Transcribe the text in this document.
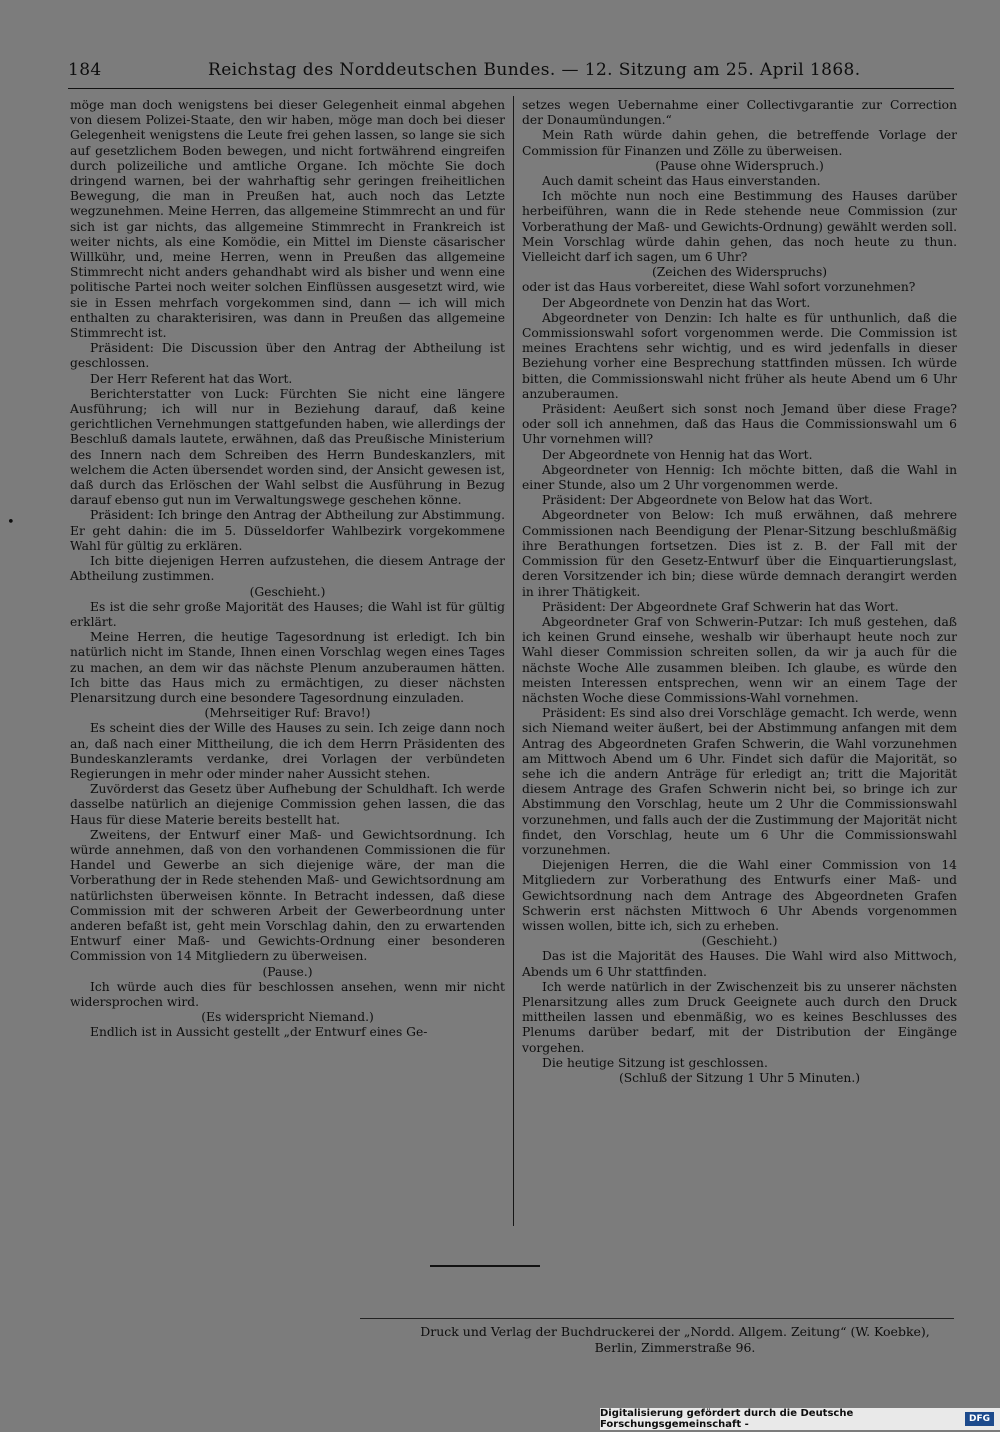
184	Reichstag des Norddeutschen Bundes. — 12. Sitzung am 25. April 1868.

möge man doch wenigstens bei dieser Gelegenheit einmal abgehen von diesem Polizei-Staate, den wir haben, möge man doch bei dieser Gelegenheit wenigstens die Leute frei gehen lassen, so lange sie sich auf gesetzlichem Boden bewegen, und nicht fortwährend eingreifen durch polizeiliche und amtliche Organe. Ich möchte Sie doch dringend warnen, bei der wahrhaftig sehr geringen freiheitlichen Bewegung, die man in Preußen hat, auch noch das Letzte wegzunehmen. Meine Herren, das allgemeine Stimmrecht an und für sich ist gar nichts, das allgemeine Stimmrecht in Frankreich ist weiter nichts, als eine Komödie, ein Mittel im Dienste cäsarischer Willkühr, und, meine Herren, wenn in Preußen das allgemeine Stimmrecht nicht anders gehandhabt wird als bisher und wenn eine politische Partei noch weiter solchen Einflüssen ausgesetzt wird, wie sie in Essen mehrfach vorgekommen sind, dann — ich will mich enthalten zu charakterisiren, was dann in Preußen das allgemeine Stimmrecht ist.

Präsident: Die Discussion über den Antrag der Abtheilung ist geschlossen.

Der Herr Referent hat das Wort.

Berichterstatter von Luck: Fürchten Sie nicht eine längere Ausführung; ich will nur in Beziehung darauf, daß keine gerichtlichen Vernehmungen stattgefunden haben, wie allerdings der Beschluß damals lautete, erwähnen, daß das Preußische Ministerium des Innern nach dem Schreiben des Herrn Bundeskanzlers, mit welchem die Acten übersendet worden sind, der Ansicht gewesen ist, daß durch das Erlöschen der Wahl selbst die Ausführung in Bezug darauf ebenso gut nun im Verwaltungswege geschehen könne.

Präsident: Ich bringe den Antrag der Abtheilung zur Abstimmung. Er geht dahin: die im 5. Düsseldorfer Wahlbezirk vorgekommene Wahl für gültig zu erklären.

Ich bitte diejenigen Herren aufzustehen, die diesem Antrage der Abtheilung zustimmen.

(Geschieht.)

Es ist die sehr große Majorität des Hauses; die Wahl ist für gültig erklärt.

Meine Herren, die heutige Tagesordnung ist erledigt. Ich bin natürlich nicht im Stande, Ihnen einen Vorschlag wegen eines Tages zu machen, an dem wir das nächste Plenum anzuberaumen hätten. Ich bitte das Haus mich zu ermächtigen, zu dieser nächsten Plenarsitzung durch eine besondere Tagesordnung einzuladen.

(Mehrseitiger Ruf: Bravo!)

Es scheint dies der Wille des Hauses zu sein. Ich zeige dann noch an, daß nach einer Mittheilung, die ich dem Herrn Präsidenten des Bundeskanzleramts verdanke, drei Vorlagen der verbündeten Regierungen in mehr oder minder naher Aussicht stehen.

Zuvörderst das Gesetz über Aufhebung der Schuldhaft. Ich werde dasselbe natürlich an diejenige Commission gehen lassen, die das Haus für diese Materie bereits bestellt hat.

Zweitens, der Entwurf einer Maß- und Gewichtsordnung. Ich würde annehmen, daß von den vorhandenen Commissionen die für Handel und Gewerbe an sich diejenige wäre, der man die Vorberathung der in Rede stehenden Maß- und Gewichtsordnung am natürlichsten überweisen könnte. In Betracht indessen, daß diese Commission mit der schweren Arbeit der Gewerbeordnung unter anderen befaßt ist, geht mein Vorschlag dahin, den zu erwartenden Entwurf einer Maß- und Gewichts-Ordnung einer besonderen Commission von 14 Mitgliedern zu überweisen.

(Pause.)

Ich würde auch dies für beschlossen ansehen, wenn mir nicht widersprochen wird.

(Es widerspricht Niemand.)

Endlich ist in Aussicht gestellt „der Entwurf eines Ge-

setzes wegen Uebernahme einer Collectivgarantie zur Correction der Donaumündungen.“

Mein Rath würde dahin gehen, die betreffende Vorlage der Commission für Finanzen und Zölle zu überweisen.

(Pause ohne Widerspruch.)

Auch damit scheint das Haus einverstanden.

Ich möchte nun noch eine Bestimmung des Hauses darüber herbeiführen, wann die in Rede stehende neue Commission (zur Vorberathung der Maß- und Gewichts-Ordnung) gewählt werden soll. Mein Vorschlag würde dahin gehen, das noch heute zu thun. Vielleicht darf ich sagen, um 6 Uhr?

(Zeichen des Widerspruchs)

oder ist das Haus vorbereitet, diese Wahl sofort vorzunehmen?

Der Abgeordnete von Denzin hat das Wort.

Abgeordneter von Denzin: Ich halte es für unthunlich, daß die Commissionswahl sofort vorgenommen werde. Die Commission ist meines Erachtens sehr wichtig, und es wird jedenfalls in dieser Beziehung vorher eine Besprechung stattfinden müssen. Ich würde bitten, die Commissionswahl nicht früher als heute Abend um 6 Uhr anzuberaumen.

Präsident: Aeußert sich sonst noch Jemand über diese Frage? oder soll ich annehmen, daß das Haus die Commissionswahl um 6 Uhr vornehmen will?

Der Abgeordnete von Hennig hat das Wort.

Abgeordneter von Hennig: Ich möchte bitten, daß die Wahl in einer Stunde, also um 2 Uhr vorgenommen werde.

Präsident: Der Abgeordnete von Below hat das Wort.

Abgeordneter von Below: Ich muß erwähnen, daß mehrere Commissionen nach Beendigung der Plenar-Sitzung beschlußmäßig ihre Berathungen fortsetzen. Dies ist z. B. der Fall mit der Commission für den Gesetz-Entwurf über die Einquartierungslast, deren Vorsitzender ich bin; diese würde demnach derangirt werden in ihrer Thätigkeit.

Präsident: Der Abgeordnete Graf Schwerin hat das Wort.

Abgeordneter Graf von Schwerin-Putzar: Ich muß gestehen, daß ich keinen Grund einsehe, weshalb wir überhaupt heute noch zur Wahl dieser Commission schreiten sollen, da wir ja auch für die nächste Woche Alle zusammen bleiben. Ich glaube, es würde den meisten Interessen entsprechen, wenn wir an einem Tage der nächsten Woche diese Commissions-Wahl vornehmen.

Präsident: Es sind also drei Vorschläge gemacht. Ich werde, wenn sich Niemand weiter äußert, bei der Abstimmung anfangen mit dem Antrag des Abgeordneten Grafen Schwerin, die Wahl vorzunehmen am Mittwoch Abend um 6 Uhr. Findet sich dafür die Majorität, so sehe ich die andern Anträge für erledigt an; tritt die Majorität diesem Antrage des Grafen Schwerin nicht bei, so bringe ich zur Abstimmung den Vorschlag, heute um 2 Uhr die Commissionswahl vorzunehmen, und falls auch der die Zustimmung der Majorität nicht findet, den Vorschlag, heute um 6 Uhr die Commissionswahl vorzunehmen.

Diejenigen Herren, die die Wahl einer Commission von 14 Mitgliedern zur Vorberathung des Entwurfs einer Maß- und Gewichtsordnung nach dem Antrage des Abgeordneten Grafen Schwerin erst nächsten Mittwoch 6 Uhr Abends vorgenommen wissen wollen, bitte ich, sich zu erheben.

(Geschieht.)

Das ist die Majorität des Hauses. Die Wahl wird also Mittwoch, Abends um 6 Uhr stattfinden.

Ich werde natürlich in der Zwischenzeit bis zu unserer nächsten Plenarsitzung alles zum Druck Geeignete auch durch den Druck mittheilen lassen und ebenmäßig, wo es keines Beschlusses des Plenums darüber bedarf, mit der Distribution der Eingänge vorgehen.

Die heutige Sitzung ist geschlossen.

(Schluß der Sitzung 1 Uhr 5 Minuten.)

•
Druck und Verlag der Buchdruckerei der „Nordd. Allgem. Zeitung“ (W. Koebke),
Berlin, Zimmerstraße 96.
Digitalisierung gefördert durch die Deutsche Forschungsgemeinschaft -	DFG
